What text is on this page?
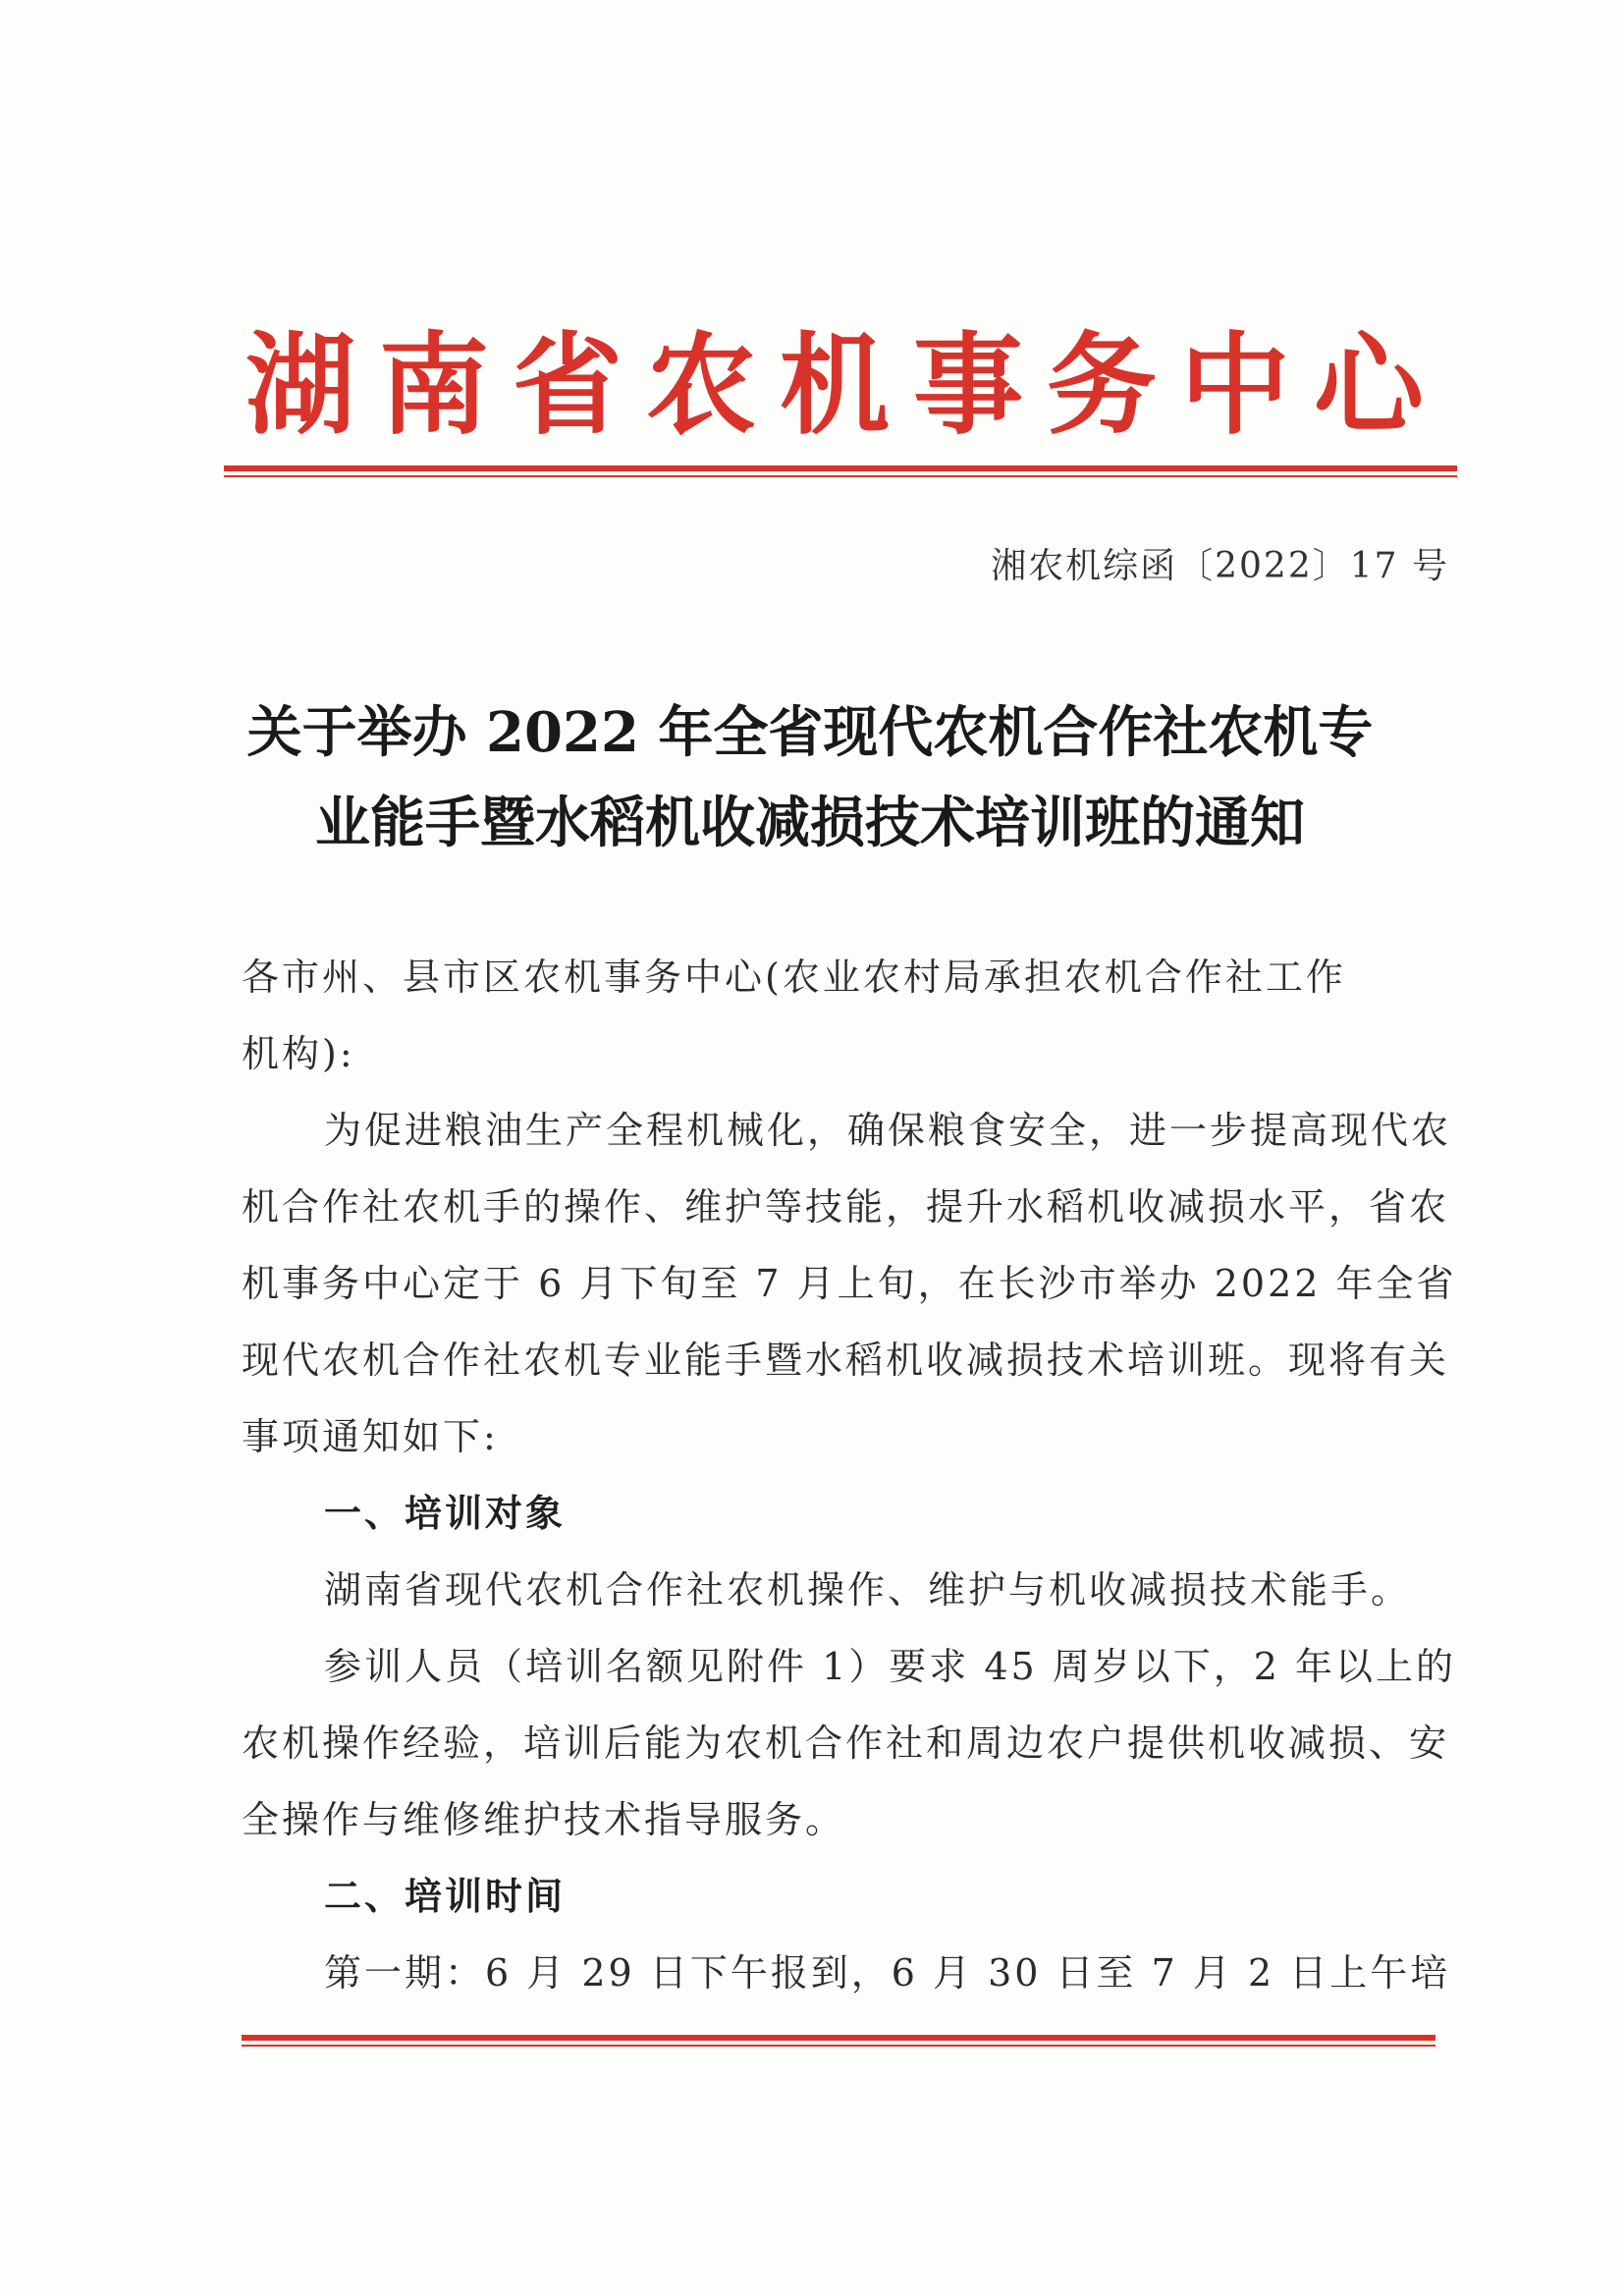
湖南省农机事务中心
湘农机综函〔2022〕17 号
关于举办 2022 年全省现代农机合作社农机专
业能手暨水稻机收减损技术培训班的通知
各市州、县市区农机事务中心(农业农村局承担农机合作社工作
机构):
为促进粮油生产全程机械化，确保粮食安全，进一步提高现代农机合作社农机手的操作、维护等技能，提升水稻机收减损水平，省农机事务中心定于 6 月下旬至 7 月上旬，在长沙市举办 2022 年全省现代农机合作社农机专业能手暨水稻机收减损技术培训班。现将有关事项通知如下:
一、培训对象
湖南省现代农机合作社农机操作、维护与机收减损技术能手。
参训人员（培训名额见附件 1）要求 45 周岁以下，2 年以上的农机操作经验，培训后能为农机合作社和周边农户提供机收减损、安全操作与维修维护技术指导服务。
二、培训时间
第一期：6 月 29 日下午报到，6 月 30 日至 7 月 2 日上午培
